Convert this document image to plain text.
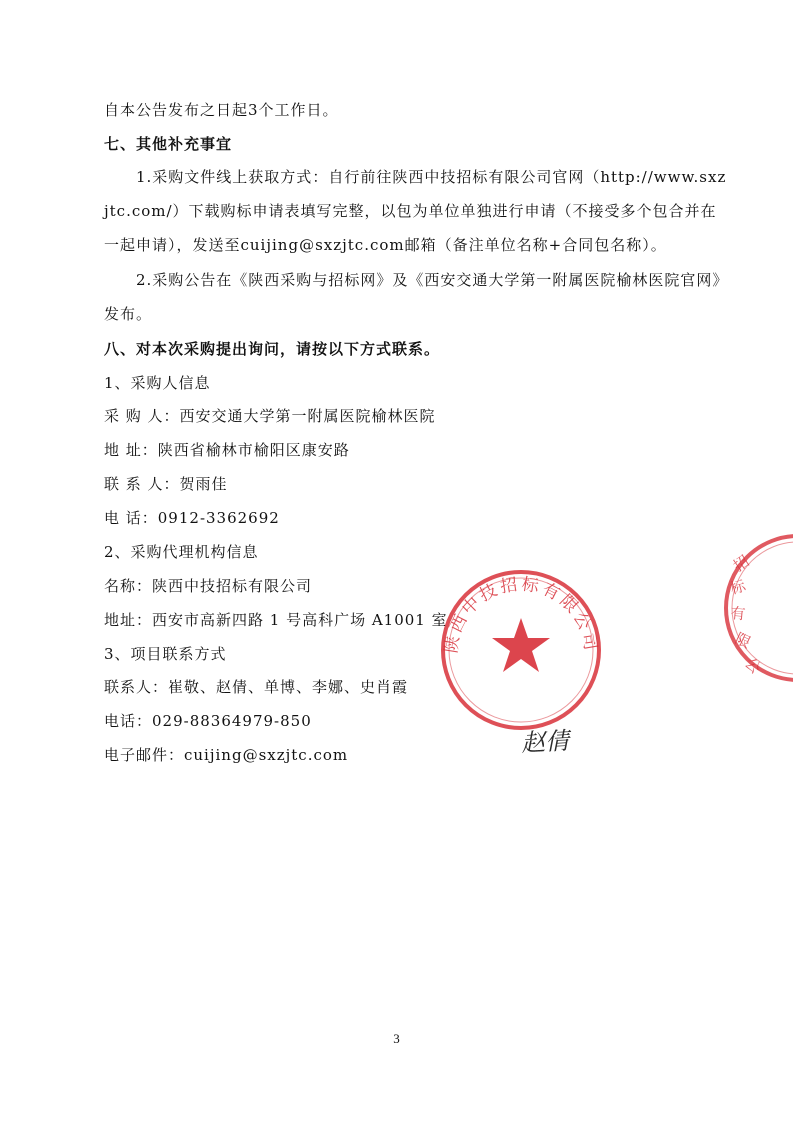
自本公告发布之日起3个工作日。
七、其他补充事宜
1.采购文件线上获取方式：自行前往陕西中技招标有限公司官网（http://www.sxz
jtc.com/）下载购标申请表填写完整，以包为单位单独进行申请（不接受多个包合并在
一起申请），发送至cuijing@sxzjtc.com邮箱（备注单位名称+合同包名称）。
2.采购公告在《陕西采购与招标网》及《西安交通大学第一附属医院榆林医院官网》
发布。
八、对本次采购提出询问，请按以下方式联系。
1、采购人信息
采 购 人：西安交通大学第一附属医院榆林医院
地 址：陕西省榆林市榆阳区康安路
联 系 人：贺雨佳
电 话：0912-3362692
2、采购代理机构信息
名称：陕西中技招标有限公司
地址：西安市高新四路 1 号高科广场 A1001 室
3、项目联系方式
联系人：崔敬、赵倩、单博、李娜、史肖霞
电话：029-88364979-850
电子邮件：cuijing@sxzjtc.com
陕西中技招标有限公司
招
标
有
限
公
赵倩
3
